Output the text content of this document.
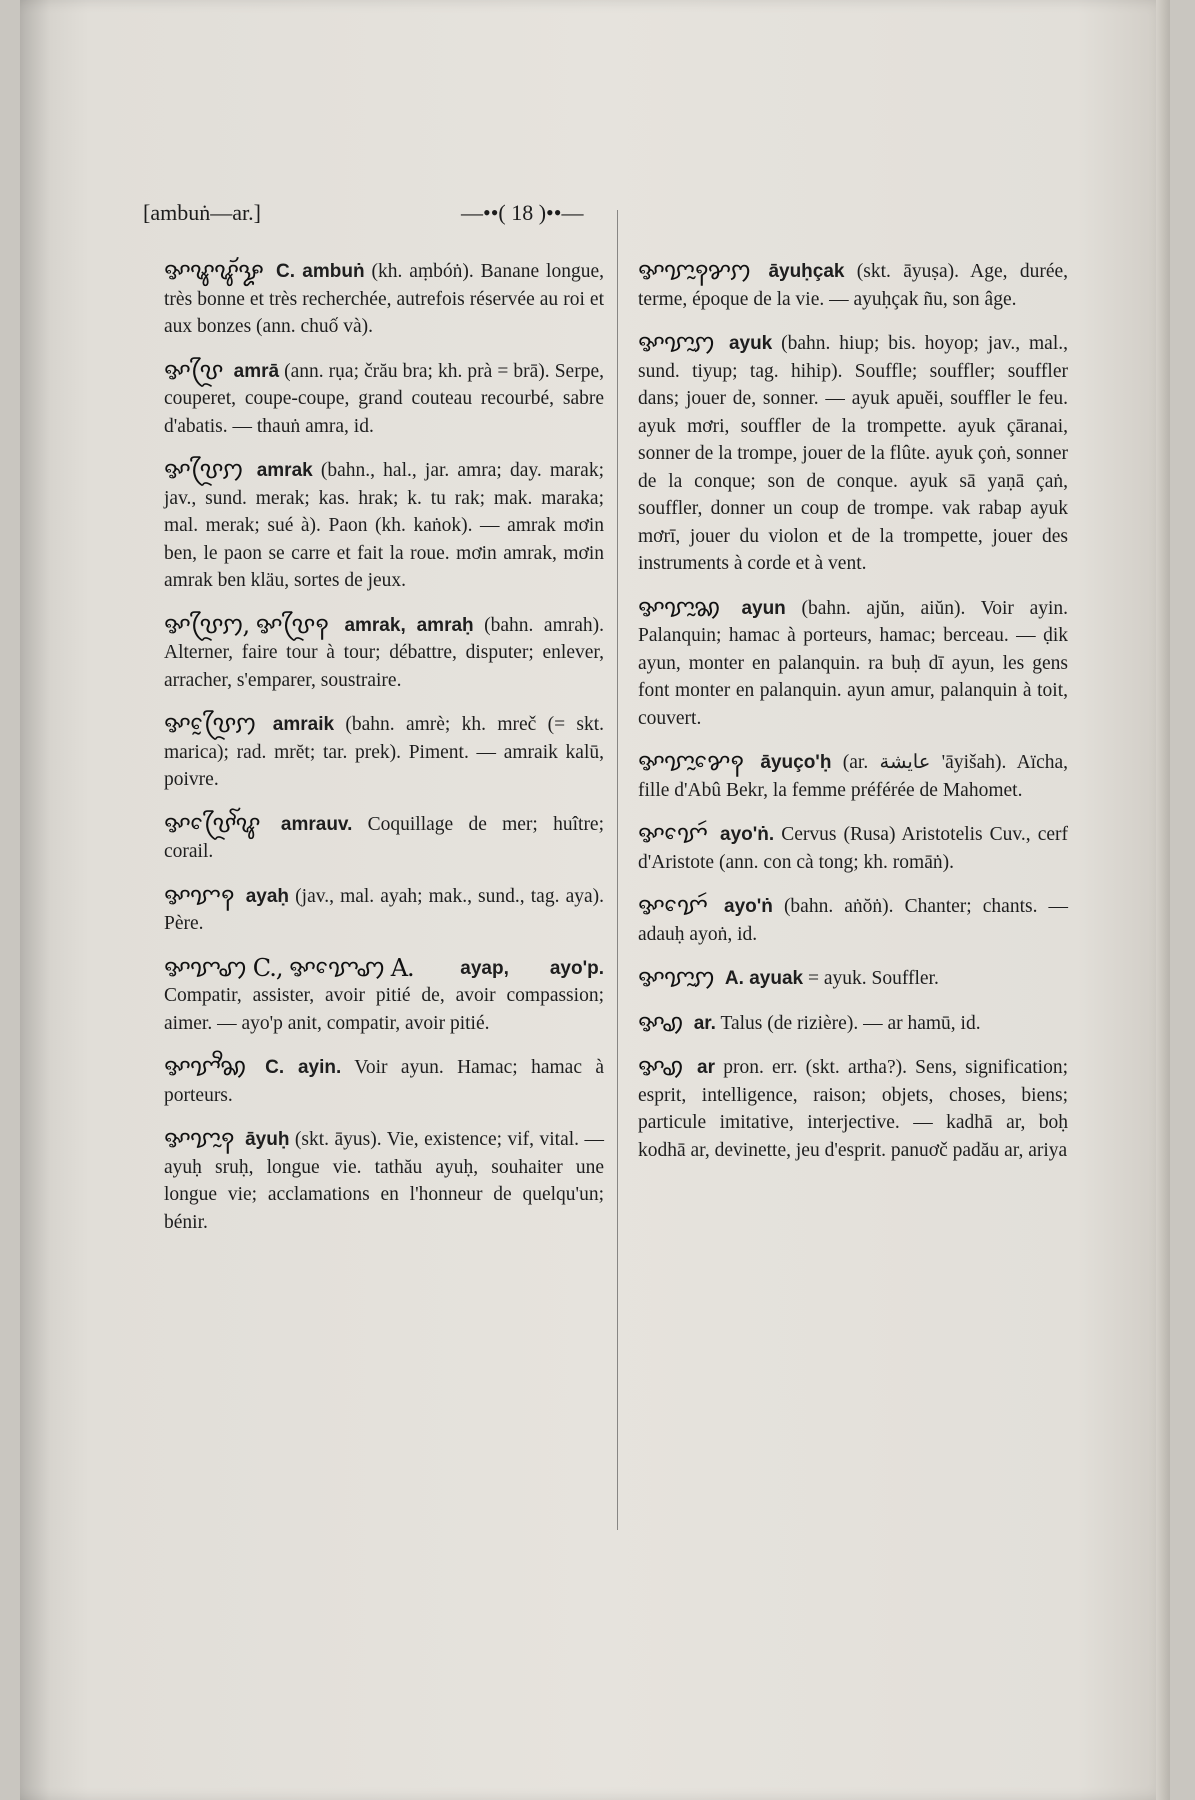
[ambuṅ—ar.]	—••( 18 )••—

ꨀꨡꨥꨮꨋ C. ambuṅ (kh. aṃbóṅ). Banane longue, très bonne et très recherchée, autrefois réservée au roi et aux bonzes (ann. chuố và).

ꨀꨝꨴ amrā (ann. rụa; črău bra; kh. prà = brā). Serpe, couperet, coupe-coupe, grand couteau recourbé, sabre d'abatis. — thauṅ amra, id.

ꨀꨝꨴꩀ amrak (bahn., hal., jar. amra; day. marak; jav., sund. merak; kas. hrak; k. tu rak; mak. maraka; mal. merak; sué à). Paon (kh. kaṅok). — amrak mơin ben, le paon se carre et fait la roue. mơin amrak, mơin amrak ben kläu, sortes de jeux.

ꨀꨝꨴꩀ, ꨀꨝꨴꩍ amrak, amraḥ (bahn. amrah). Alterner, faire tour à tour; débattre, disputer; enlever, arracher, s'emparer, soustraire.

ꨀꨝꨴꨰꩀ amraik (bahn. amrè; kh. mreč (= skt. marica); rad. mrĕt; tar. prek). Piment. — amraik kalū, poivre.

ꨀꨝꨴꨯꨱꨥ amrauv. Coquillage de mer; huître; corail.

ꨀꨢꩍ ayaḥ (jav., mal. ayah; mak., sund., tag. aya). Père.

ꨀꨢꩇ C., ꨀꨢꨯꩇ A. ayap, ayo'p. Compatir, assister, avoir pitié de, avoir compassion; aimer. — ayo'p anit, compatir, avoir pitié.

ꨀꨢꨪꩆ C. ayin. Voir ayun. Hamac; hamac à porteurs.

ꨀꨢꨭꩍ āyuḥ (skt. āyus). Vie, existence; vif, vital. — ayuḥ sruḥ, longue vie. tathău ayuḥ, souhaiter une longue vie; acclamations en l'honneur de quelqu'un; bénir.

ꨀꨢꨭꩍꨌꩀ āyuḥçak (skt. āyuṣa). Age, durée, terme, époque de la vie. — ayuḥçak ñu, son âge.

ꨀꨢꨭꩀ ayuk (bahn. hiup; bis. hoyop; jav., mal., sund. tiyup; tag. hihip). Souffle; souffler; souffler dans; jouer de, sonner. — ayuk apuĕi, souffler le feu. ayuk mơri, souffler de la trompette. ayuk çāranai, sonner de la trompe, jouer de la flûte. ayuk çoṅ, sonner de la conque; son de conque. ayuk sā yaṇā çaṅ, souffler, donner un coup de trompe. vak rabap ayuk mơrī, jouer du violon et de la trompette, jouer des instruments à corde et à vent.

ꨀꨢꨭꩆ ayun (bahn. ajŭn, aiŭn). Voir ayin. Palanquin; hamac à porteurs, hamac; berceau. — ḍik ayun, monter en palanquin. ra buḥ dī ayun, les gens font monter en palanquin. ayun amur, palanquin à toit, couvert.

ꨀꨢꨭꨌꨯꩍ āyuço'ḥ (ar. عايشة 'āyišah). Aïcha, fille d'Abû Bekr, la femme préférée de Mahomet.

ꨀꨢꨯꩃ ayo'ṅ. Cervus (Rusa) Aristotelis Cuv., cerf d'Aristote (ann. con cà tong; kh. romāṅ).

ꨀꨢꨯꩃ ayo'ṅ (bahn. aṅŏṅ). Chanter; chants. — adauḥ ayoṅ, id.

ꨀꨢꨭꩀ A. ayuak = ayuk. Souffler.

ꨀꩉ ar. Talus (de rizière). — ar hamū, id.

ꨀꩉ ar pron. err. (skt. artha?). Sens, signification; esprit, intelligence, raison; objets, choses, biens; particule imitative, interjective. — kadhā ar, boḥ kodhā ar, devinette, jeu d'esprit. panuơč padău ar, ariya
